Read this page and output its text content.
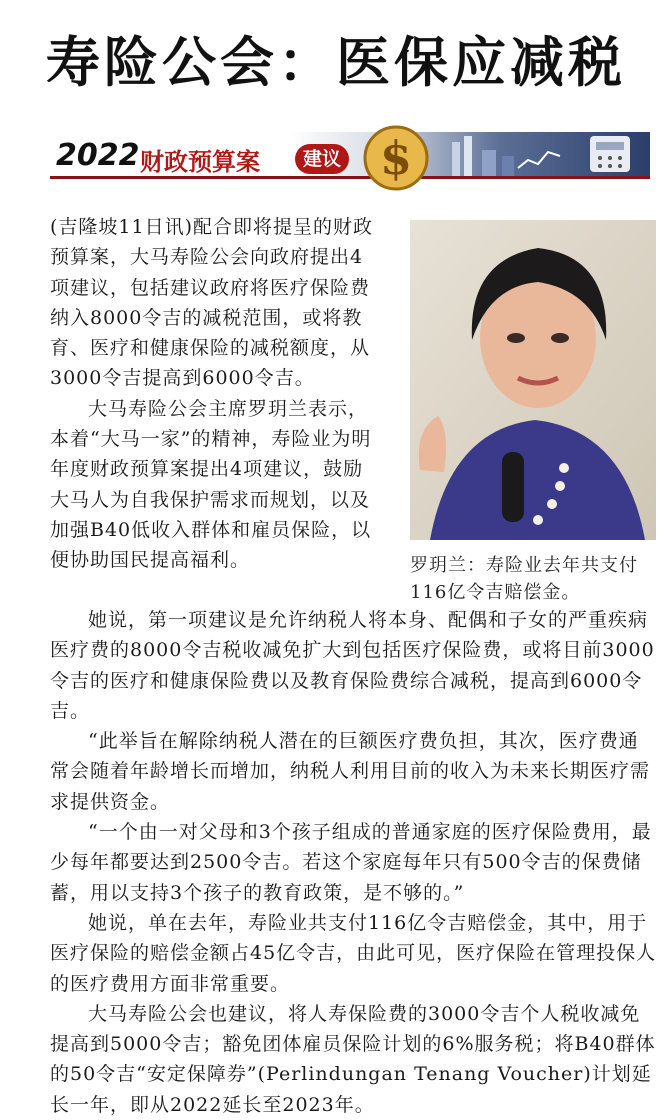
寿险公会：医保应减税
2022 财政预算案	建议 $

(吉隆坡11日讯)配合即将提呈的财政预算案，大马寿险公会向政府提出4项建议，包括建议政府将医疗保险费纳入8000令吉的减税范围，或将教育、医疗和健康保险的减税额度，从3000令吉提高到6000令吉。

大马寿险公会主席罗玥兰表示，本着“大马一家”的精神，寿险业为明年度财政预算案提出4项建议，鼓励大马人为自我保护需求而规划，以及加强B40低收入群体和雇员保险，以便协助国民提高福利。	罗玥兰：寿险业去年共支付116亿令吉赔偿金。

她说，第一项建议是允许纳税人将本身、配偶和子女的严重疾病医疗费的8000令吉税收减免扩大到包括医疗保险费，或将目前3000令吉的医疗和健康保险费以及教育保险费综合减税，提高到6000令吉。

“此举旨在解除纳税人潜在的巨额医疗费负担，其次，医疗费通常会随着年龄增长而增加，纳税人利用目前的收入为未来长期医疗需求提供资金。

“一个由一对父母和3个孩子组成的普通家庭的医疗保险费用，最少每年都要达到2500令吉。若这个家庭每年只有500令吉的保费储蓄，用以支持3个孩子的教育政策，是不够的。”

她说，单在去年，寿险业共支付116亿令吉赔偿金，其中，用于医疗保险的赔偿金额占45亿令吉，由此可见，医疗保险在管理投保人的医疗费用方面非常重要。

大马寿险公会也建议，将人寿保险费的3000令吉个人税收减免提高到5000令吉；豁免团体雇员保险计划的6%服务税；将B40群体的50令吉“安定保障券”(Perlindungan Tenang Voucher)计划延长一年，即从2022延长至2023年。
